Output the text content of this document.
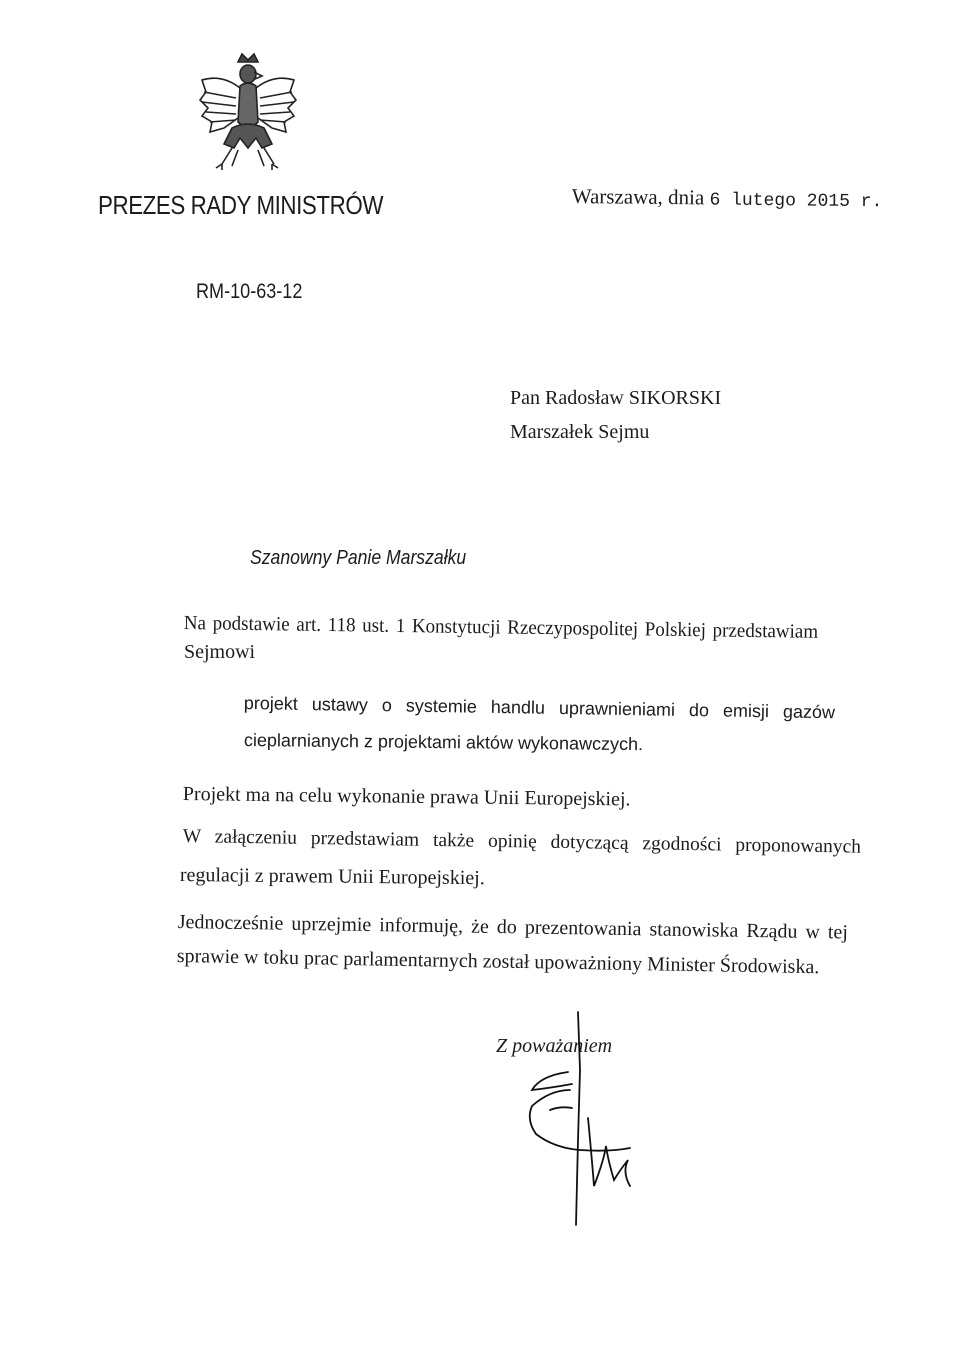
PREZES RADY MINISTRÓW	Warszawa, dnia 6 lutego 2015 r.
RM-10-63-12
Pan Radosław SIKORSKI
Marszałek Sejmu
Szanowny Panie Marszałku
Na podstawie art. 118 ust. 1 Konstytucji Rzeczypospolitej Polskiej przedstawiam
Sejmowi
projekt ustawy o systemie handlu uprawnieniami do emisji gazów
cieplarnianych z projektami aktów wykonawczych.
Projekt ma na celu wykonanie prawa Unii Europejskiej.
W załączeniu przedstawiam także opinię dotyczącą zgodności proponowanych
regulacji z prawem Unii Europejskiej.
Jednocześnie uprzejmie informuję, że do prezentowania stanowiska Rządu w tej
sprawie w toku prac parlamentarnych został upoważniony Minister Środowiska.
Z poważaniem
